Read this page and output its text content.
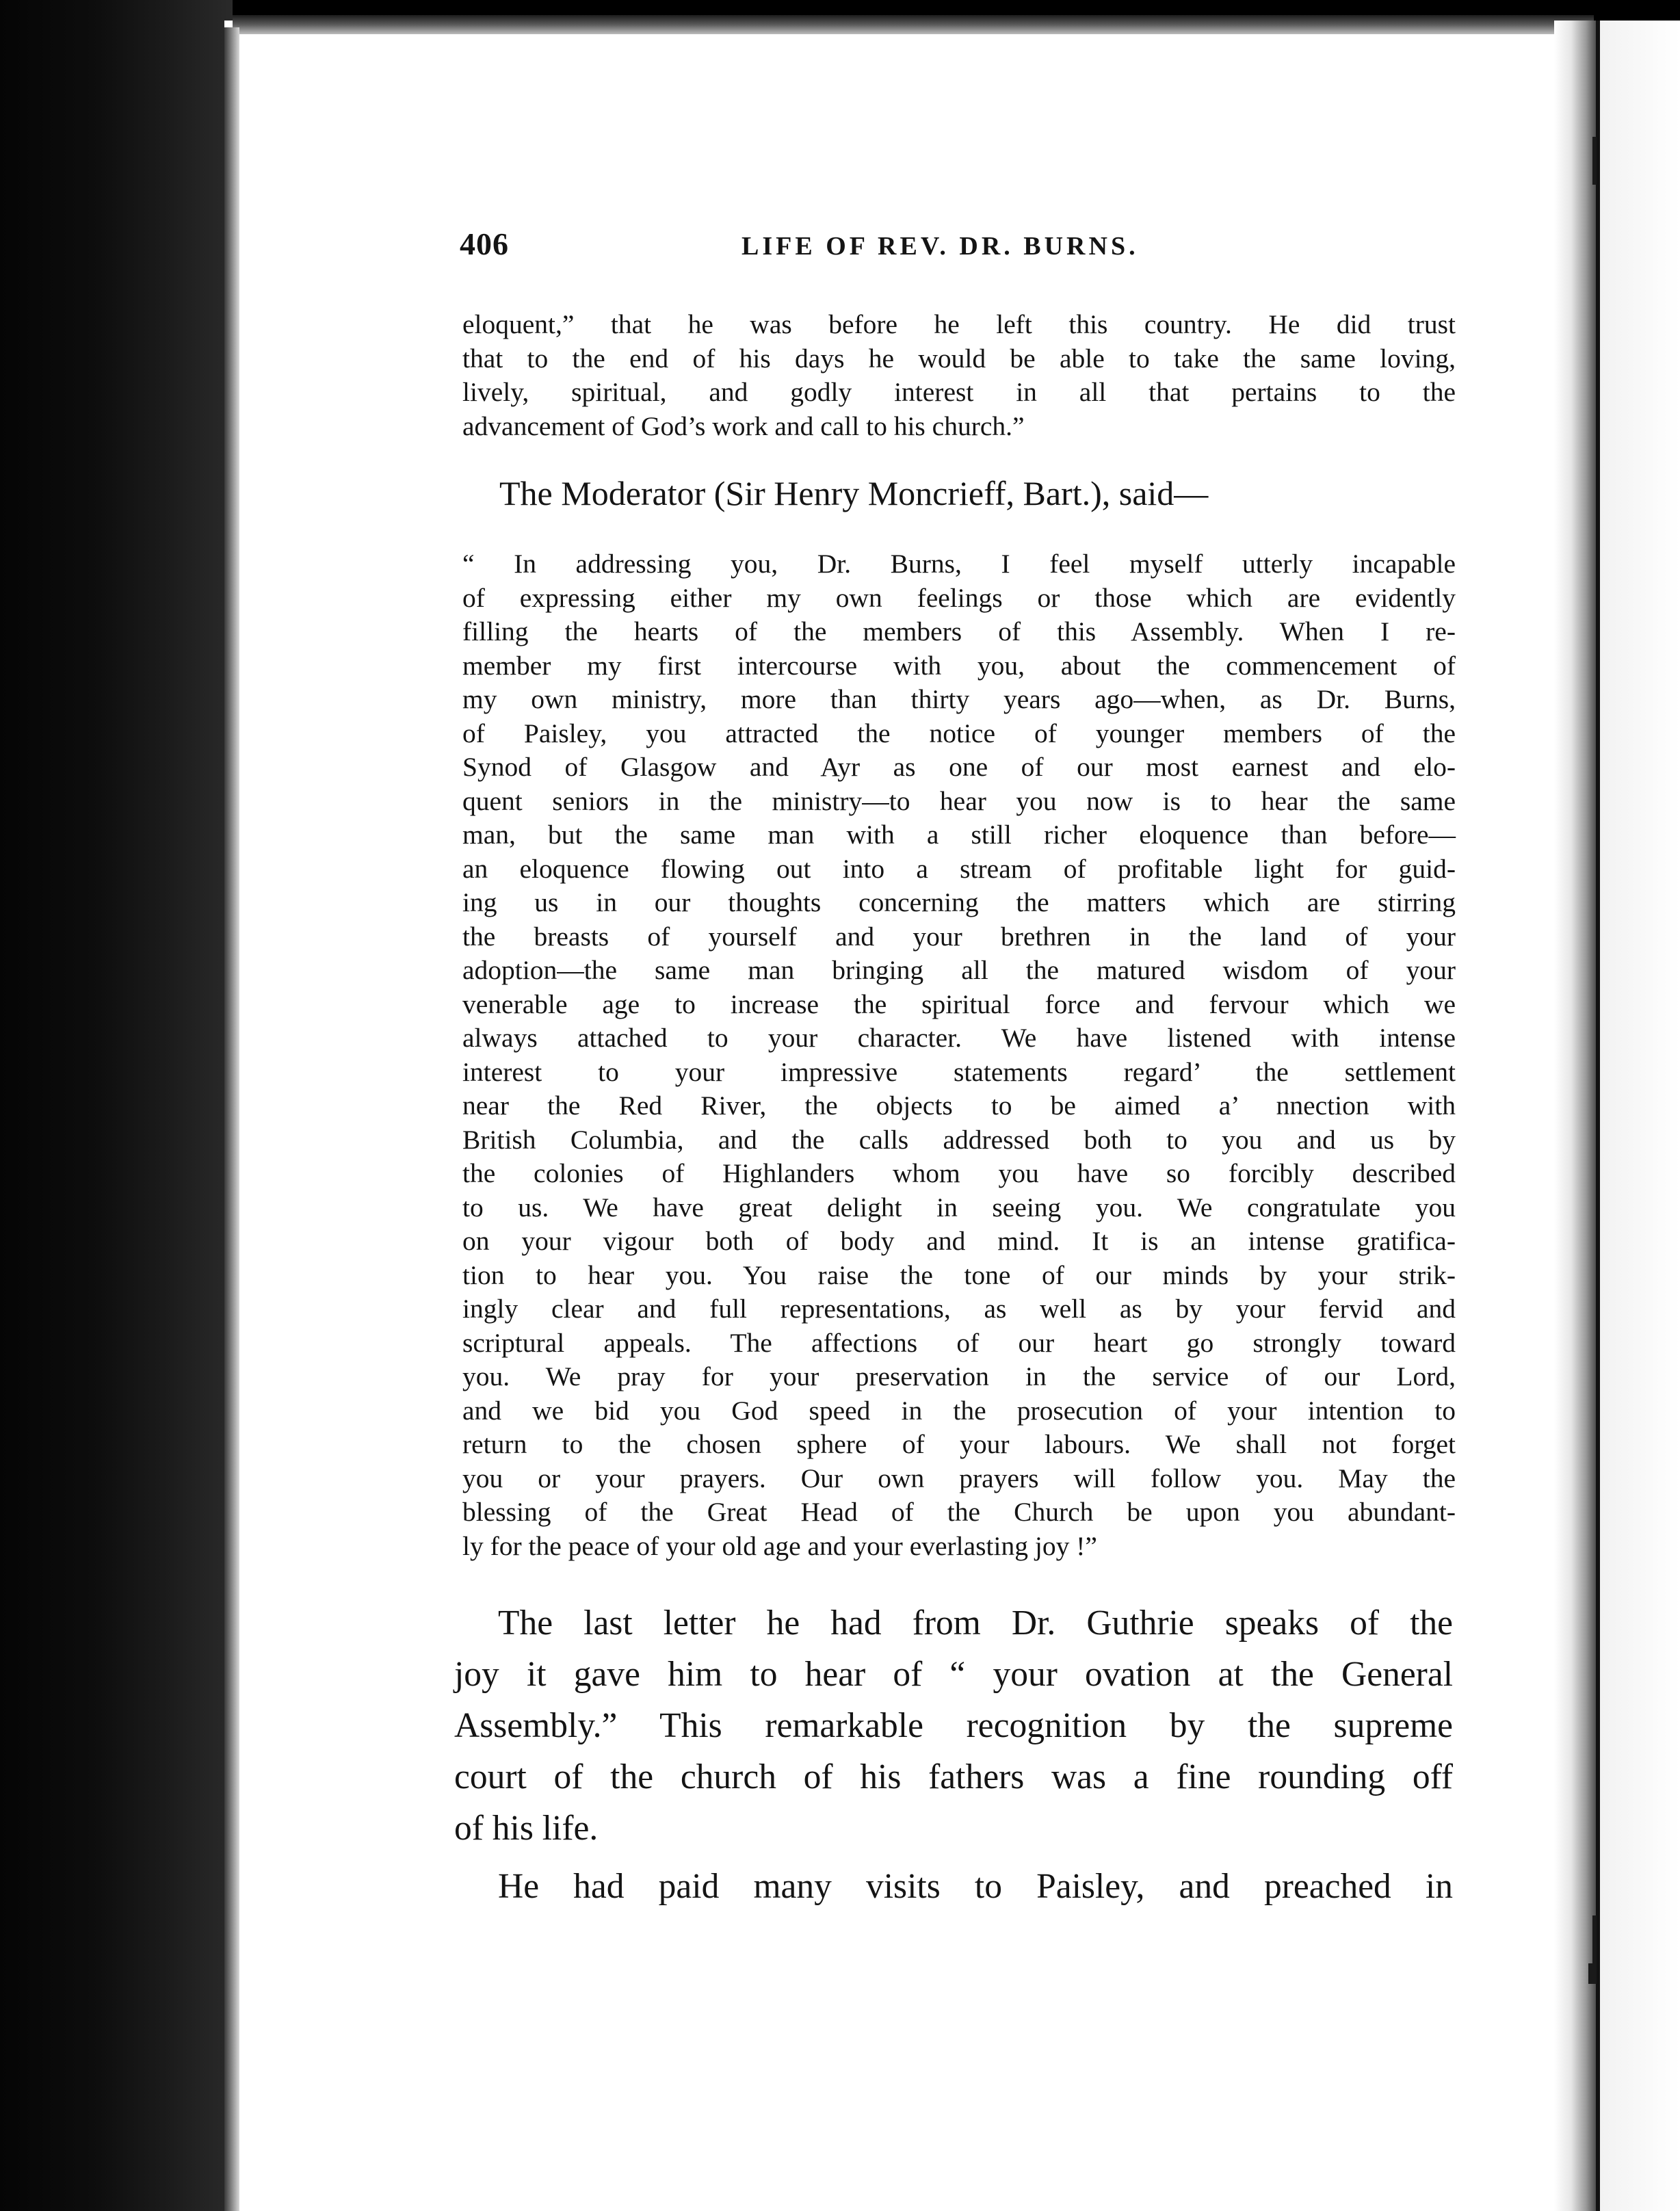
406	LIFE OF REV. DR. BURNS.
eloquent,” that he was before he left this country. He did trust
that to the end of his days he would be able to take the same loving,
lively, spiritual, and godly interest in all that pertains to the
advancement of God’s work and call to his church.”
The Moderator (Sir Henry Moncrieff, Bart.), said—
“ In addressing you, Dr. Burns, I feel myself utterly incapable
of expressing either my own feelings or those which are evidently
filling the hearts of the members of this Assembly. When I re-
member my first intercourse with you, about the commencement of
my own ministry, more than thirty years ago—when, as Dr. Burns,
of Paisley, you attracted the notice of younger members of the
Synod of Glasgow and Ayr as one of our most earnest and elo-
quent seniors in the ministry—to hear you now is to hear the same
man, but the same man with a still richer eloquence than before—
an eloquence flowing out into a stream of profitable light for guid-
ing us in our thoughts concerning the matters which are stirring
the breasts of yourself and your brethren in the land of your
adoption—the same man bringing all the matured wisdom of your
venerable age to increase the spiritual force and fervour which we
always attached to your character. We have listened with intense
interest to your impressive statements regard’ the settlement
near the Red River, the objects to be aimed a’ nnection with
British Columbia, and the calls addressed both to you and us by
the colonies of Highlanders whom you have so forcibly described
to us. We have great delight in seeing you. We congratulate you
on your vigour both of body and mind. It is an intense gratifica-
tion to hear you. You raise the tone of our minds by your strik-
ingly clear and full representations, as well as by your fervid and
scriptural appeals. The affections of our heart go strongly toward
you. We pray for your preservation in the service of our Lord,
and we bid you God speed in the prosecution of your intention to
return to the chosen sphere of your labours. We shall not forget
you or your prayers. Our own prayers will follow you. May the
blessing of the Great Head of the Church be upon you abundant-
ly for the peace of your old age and your everlasting joy !”
The last letter he had from Dr. Guthrie speaks of the
joy it gave him to hear of “ your ovation at the General
Assembly.” This remarkable recognition by the supreme
court of the church of his fathers was a fine rounding off
of his life.
He had paid many visits to Paisley, and preached in
